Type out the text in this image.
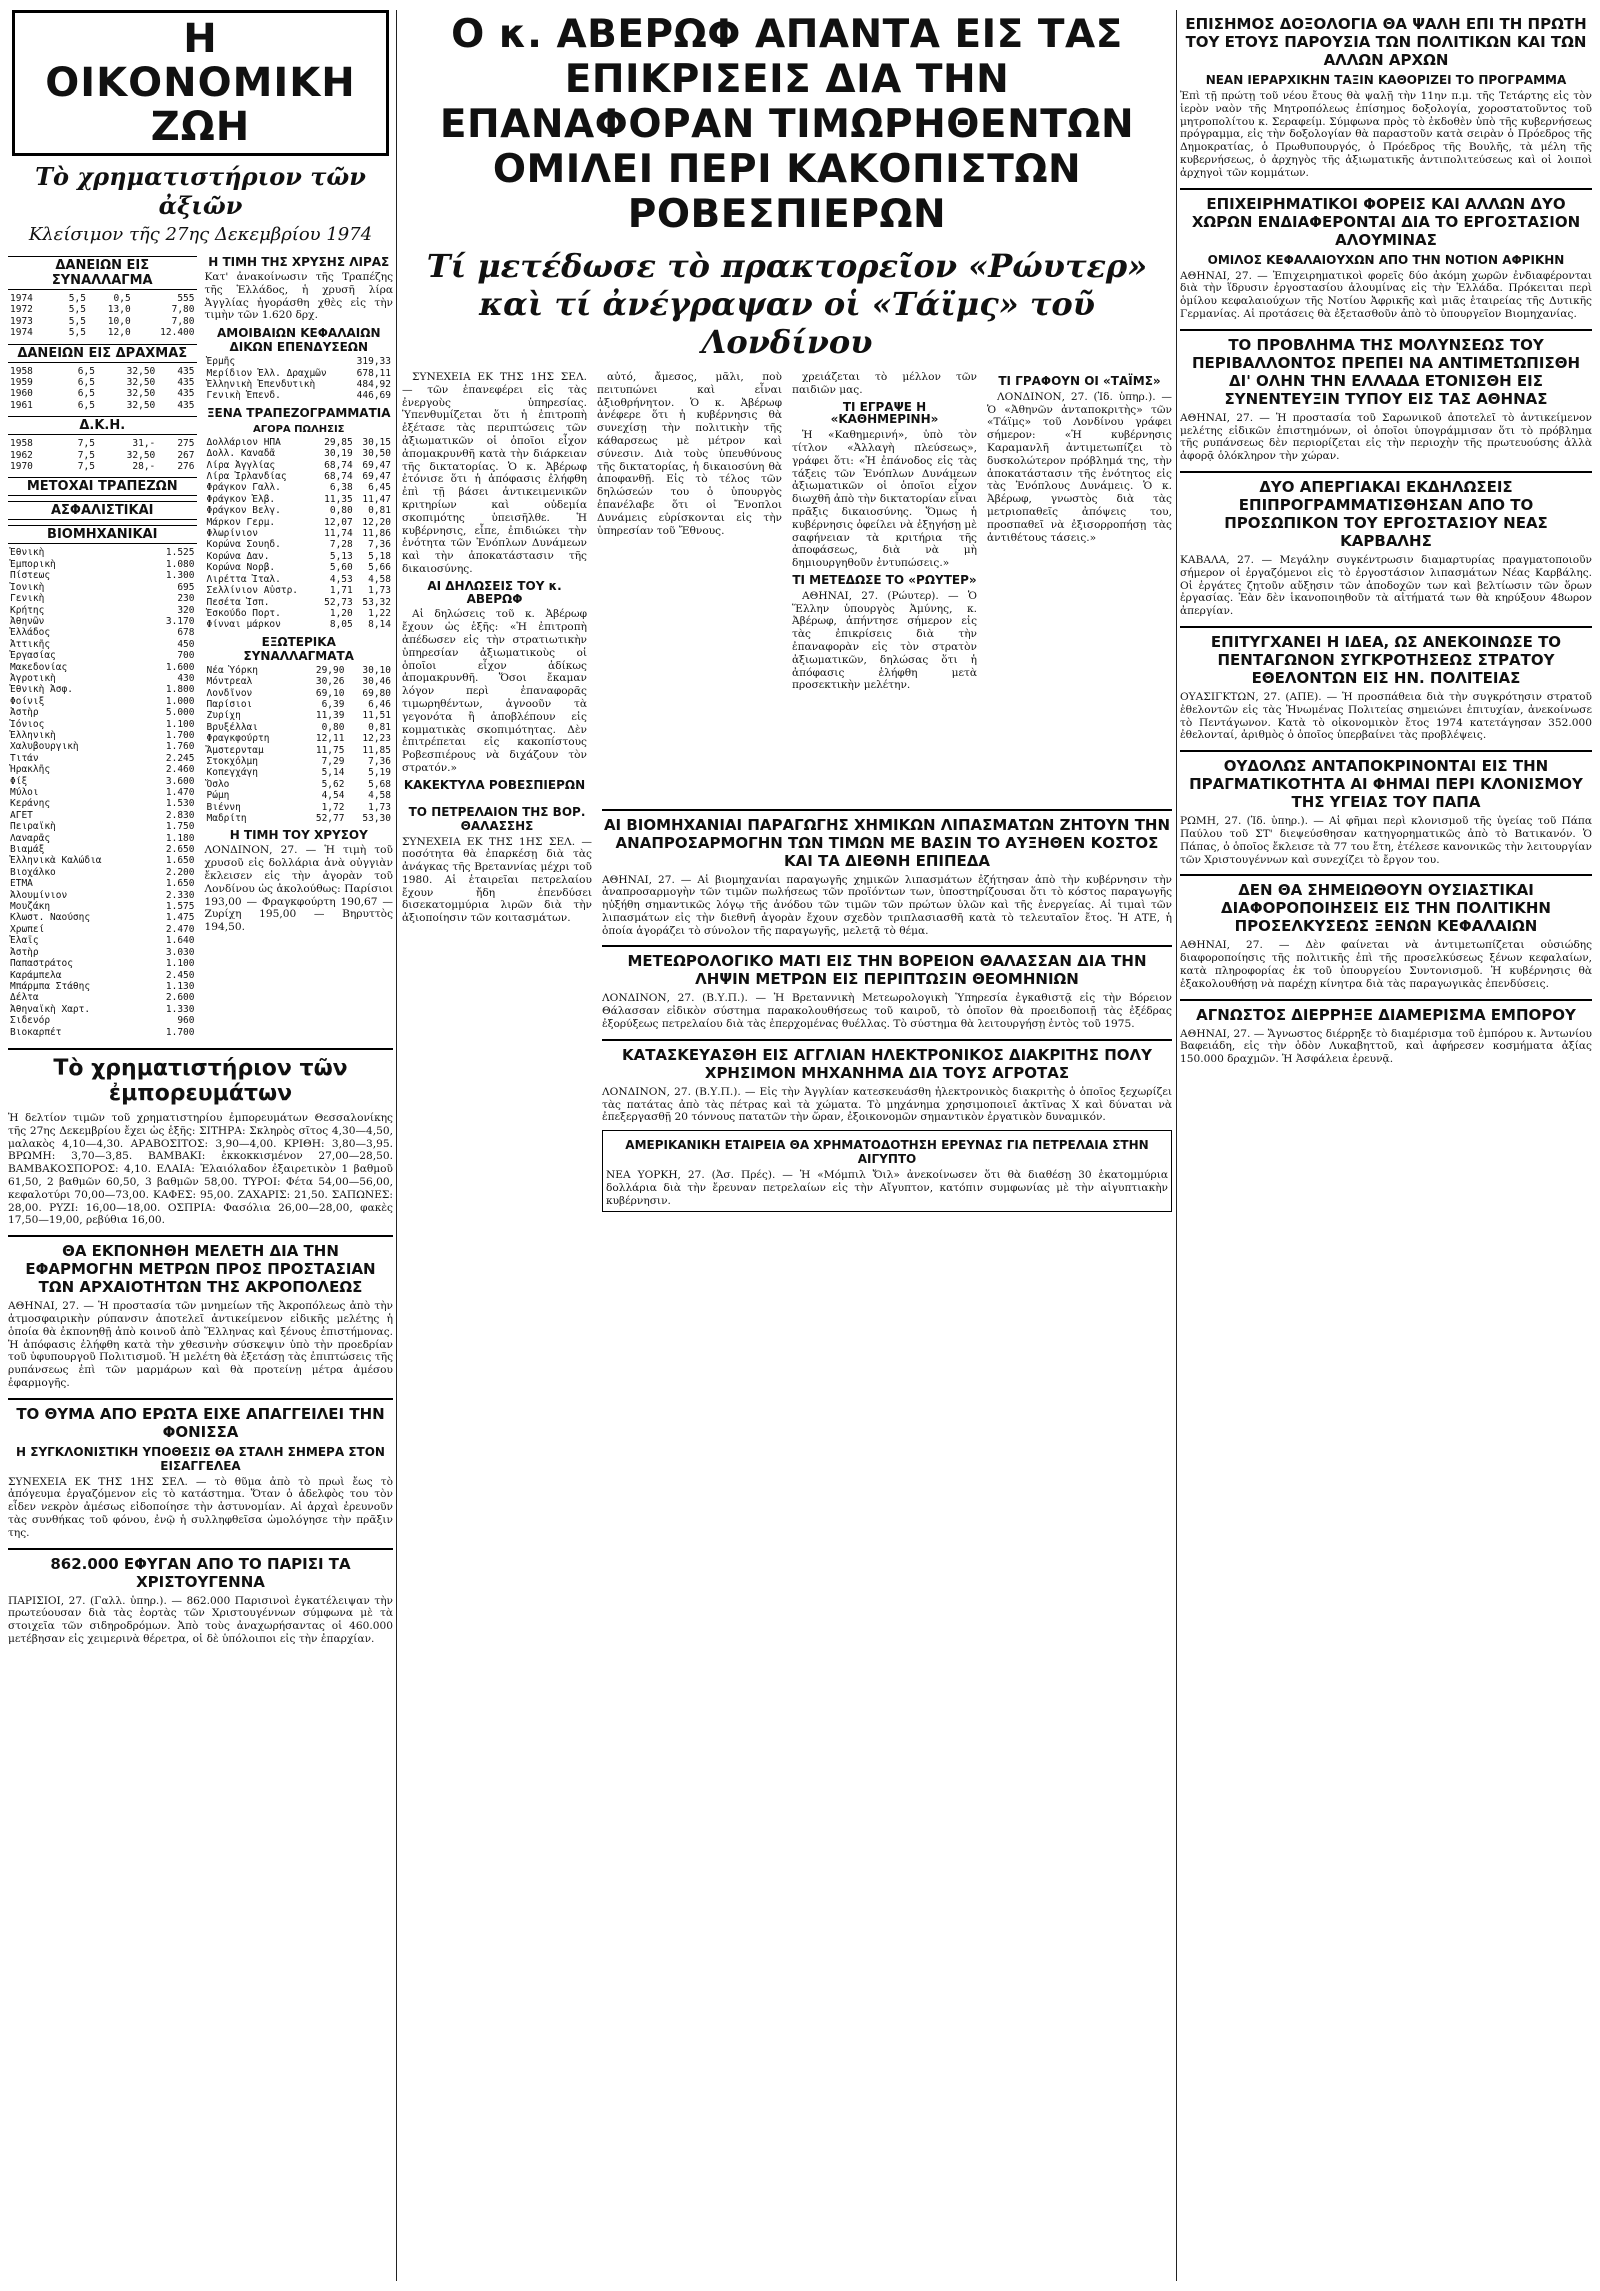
Η ΟΙΚΟΝΟΜΙΚΗ ΖΩΗ
Τὸ χρηματιστήριον τῶν ἀξιῶν
Κλείσιμον τῆς 27ης Δεκεμβρίου 1974
ΔΑΝΕΙΩΝ ΕΙΣ ΣΥΝΑΛΛΑΓΜΑ
1974	5,5	0,5	555
1972	5,5	13,0	7,80
1973	5,5	10,0	7,80
1974	5,5	12,0	12.400
ΔΑΝΕΙΩΝ ΕΙΣ ΔΡΑΧΜΑΣ
1958	6,5	32,50	435
1959	6,5	32,50	435
1960	6,5	32,50	435
1961	6,5	32,50	435
Δ.Κ.Η.
1958	7,5	31,-	275
1962	7,5	32,50	267
1970	7,5	28,-	276
ΜΕΤΟΧΑΙ ΤΡΑΠΕΖΩΝ
ΑΣΦΑΛΙΣΤΙΚΑΙ
ΒΙΟΜΗΧΑΝΙΚΑΙ
Ἐθνικὴ	1.525
Ἐμπορικὴ	1.080
Πίστεως	1.300
Ἰονικὴ	695
Γενικὴ	230
Κρήτης	320
Ἀθηνῶν	3.170
Ἑλλάδος	678
Ἀττικῆς	450
Ἐργασίας	700
Μακεδονίας	1.600
Ἀγροτικὴ	430
Ἐθνικὴ Ἀσφ.	1.800
Φοίνιξ	1.000
Ἀστὴρ	5.000
Ἰόνιος	1.100
Ἑλληνικὴ	1.700
Χαλυβουργικὴ	1.760
Τιτάν	2.245
Ἡρακλῆς	2.460
Φίξ	3.600
Μύλοι	1.470
Κεράνης	1.530
ΑΓΕΤ	2.830
Πειραϊκὴ	1.750
Λαναρᾶς	1.180
Βιαμάξ	2.650
Ἑλληνικὰ Καλώδια	1.650
Βιοχάλκο	2.200
ΕΤΜΑ	1.650
Ἀλουμίνιον	2.330
Μουζάκη	1.575
Κλωστ. Ναούσης	1.475
Χρωπεί	2.470
Ἐλαΐς	1.640
Ἀστὴρ	3.030
Παπαστράτος	1.100
Καράμπελα	2.450
Μπάρμπα Στάθης	1.130
Δέλτα	2.600
Ἀθηναϊκὴ Χαρτ.	1.330
Σιδενόρ	960
Βιοκαρπέτ	1.700
Η ΤΙΜΗ ΤΗΣ ΧΡΥΣΗΣ ΛΙΡΑΣ
Κατ' ἀνακοίνωσιν τῆς Τραπέζης τῆς Ἑλλάδος, ἡ χρυσῆ λίρα Ἀγγλίας ἠγοράσθη χθὲς εἰς τὴν τιμὴν τῶν 1.620 δρχ.
ΑΜΟΙΒΑΙΩΝ ΚΕΦΑΛΑΙΩΝ ΔΙΚΩΝ ΕΠΕΝΔΥΣΕΩΝ
Ἑρμῆς	319,33
Μερίδιον Ἑλλ. Δραχμῶν	678,11
Ἑλληνικὴ Ἐπενδυτικὴ	484,92
Γενικὴ Ἐπενδ.	446,69
ΞΕΝΑ ΤΡΑΠΕΖΟΓΡΑΜΜΑΤΙΑ
ΑΓΟΡΑ ΠΩΛΗΣΙΣ
Δολλάριον ΗΠΑ	29,85	30,15
Δολλ. Καναδᾶ	30,19	30,50
Λίρα Ἀγγλίας	68,74	69,47
Λίρα Ἰρλανδίας	68,74	69,47
Φράγκον Γαλλ.	6,38	6,45
Φράγκον Ἑλβ.	11,35	11,47
Φράγκον Βελγ.	0,80	0,81
Μάρκον Γερμ.	12,07	12,20
Φλωρίνιον	11,74	11,86
Κορώνα Σουηδ.	7,28	7,36
Κορώνα Δαν.	5,13	5,18
Κορώνα Νορβ.	5,60	5,66
Λιρέττα Ἰταλ.	4,53	4,58
Σελλίνιον Αὐστρ.	1,71	1,73
Πεσέτα Ἱσπ.	52,73	53,32
Ἐσκούδο Πορτ.	1,20	1,22
Φίνναι μάρκον	8,05	8,14
ΕΞΩΤΕΡΙΚΑ ΣΥΝΑΛΛΑΓΜΑΤΑ
Νέα Ὑόρκη	29,90	30,10
Μόντρεαλ	30,26	30,46
Λονδῖνον	69,10	69,80
Παρίσιοι	6,39	6,46
Ζυρίχη	11,39	11,51
Βρυξέλλαι	0,80	0,81
Φραγκφούρτη	12,11	12,23
Ἄμστερνταμ	11,75	11,85
Στοκχόλμη	7,29	7,36
Κοπεγχάγη	5,14	5,19
Ὄσλο	5,62	5,68
Ρώμη	4,54	4,58
Βιέννη	1,72	1,73
Μαδρίτη	52,77	53,30
Η ΤΙΜΗ ΤΟΥ ΧΡΥΣΟΥ
ΛΟΝΔΙΝΟΝ, 27. — Ἡ τιμὴ τοῦ χρυσοῦ εἰς δολλάρια ἀνὰ οὐγγιὰν ἔκλεισεν εἰς τὴν ἀγορὰν τοῦ Λονδίνου ὡς ἀκολούθως: Παρίσιοι 193,00 — Φραγκφούρτη 190,67 — Ζυρίχη 195,00 — Βηρυττὸς 194,50.
Τὸ χρηματιστήριον τῶν ἐμπορευμάτων
Ἡ δελτίον τιμῶν τοῦ χρηματιστηρίου ἐμπορευμάτων Θεσσαλονίκης τῆς 27ης Δεκεμβρίου ἔχει ὡς ἑξῆς: ΣΙΤΗΡΑ: Σκληρὸς σῖτος 4,30—4,50, μαλακὸς 4,10—4,30. ΑΡΑΒΟΣΙΤΟΣ: 3,90—4,00. ΚΡΙΘΗ: 3,80—3,95. ΒΡΩΜΗ: 3,70—3,85. ΒΑΜΒΑΚΙ: ἐκκοκκισμένον 27,00—28,50. ΒΑΜΒΑΚΟΣΠΟΡΟΣ: 4,10. ΕΛΑΙΑ: Ἐλαιόλαδον ἐξαιρετικὸν 1 βαθμοῦ 61,50, 2 βαθμῶν 60,50, 3 βαθμῶν 58,00. ΤΥΡΟΙ: Φέτα 54,00—56,00, κεφαλοτύρι 70,00—73,00. ΚΑΦΕΣ: 95,00. ΖΑΧΑΡΙΣ: 21,50. ΣΑΠΩΝΕΣ: 28,00. ΡΥΖΙ: 16,00—18,00. ΟΣΠΡΙΑ: Φασόλια 26,00—28,00, φακὲς 17,50—19,00, ρεβύθια 16,00.
ΘΑ ΕΚΠΟΝΗΘΗ ΜΕΛΕΤΗ ΔΙΑ ΤΗΝ ΕΦΑΡΜΟΓΗΝ ΜΕΤΡΩΝ ΠΡΟΣ ΠΡΟΣΤΑΣΙΑΝ ΤΩΝ ΑΡΧΑΙΟΤΗΤΩΝ ΤΗΣ ΑΚΡΟΠΟΛΕΩΣ
ΑΘΗΝΑΙ, 27. — Ἡ προστασία τῶν μνημείων τῆς Ἀκροπόλεως ἀπὸ τὴν ἀτμοσφαιρικὴν ρύπανσιν ἀποτελεῖ ἀντικείμενον εἰδικῆς μελέτης ἡ ὁποία θὰ ἐκπονηθῇ ἀπὸ κοινοῦ ἀπὸ Ἕλληνας καὶ ξένους ἐπιστήμονας. Ἡ ἀπόφασις ἐλήφθη κατὰ τὴν χθεσινὴν σύσκεψιν ὑπὸ τὴν προεδρίαν τοῦ ὑφυπουργοῦ Πολιτισμοῦ. Ἡ μελέτη θὰ ἐξετάσῃ τὰς ἐπιπτώσεις τῆς ρυπάνσεως ἐπὶ τῶν μαρμάρων καὶ θὰ προτείνῃ μέτρα ἀμέσου ἐφαρμογῆς.
ΤΟ ΘΥΜΑ ΑΠΟ ΕΡΩΤΑ ΕΙΧΕ ΑΠΑΓΓΕΙΛΕΙ ΤΗΝ ΦΟΝΙΣΣΑ
Η ΣΥΓΚΛΟΝΙΣΤΙΚΗ ΥΠΟΘΕΣΙΣ ΘΑ ΣΤΑΛΗ ΣΗΜΕΡΑ ΣΤΟΝ ΕΙΣΑΓΓΕΛΕΑ
ΣΥΝΕΧΕΙΑ ΕΚ ΤΗΣ 1ΗΣ ΣΕΛ. — τὸ θῦμα ἀπὸ τὸ πρωὶ ἔως τὸ ἀπόγευμα ἐργαζόμενον εἰς τὸ κατάστημα. Ὅταν ὁ ἀδελφὸς του τὸν εἶδεν νεκρὸν ἀμέσως εἰδοποίησε τὴν ἀστυνομίαν. Αἱ ἀρχαὶ ἐρευνοῦν τὰς συνθήκας τοῦ φόνου, ἐνῷ ἡ συλληφθεῖσα ὡμολόγησε τὴν πρᾶξιν της.
862.000 ΕΦΥΓΑΝ ΑΠΟ ΤΟ ΠΑΡΙΣΙ ΤΑ ΧΡΙΣΤΟΥΓΕΝΝΑ
ΠΑΡΙΣΙΟΙ, 27. (Γαλλ. ὑπηρ.). — 862.000 Παρισινοὶ ἐγκατέλειψαν τὴν πρωτεύουσαν διὰ τὰς ἑορτὰς τῶν Χριστουγέννων σύμφωνα μὲ τὰ στοιχεῖα τῶν σιδηροδρόμων. Ἀπὸ τοὺς ἀναχωρήσαντας οἱ 460.000 μετέβησαν εἰς χειμερινὰ θέρετρα, οἱ δὲ ὑπόλοιποι εἰς τὴν ἐπαρχίαν.
Ο κ. ΑΒΕΡΩΦ ΑΠΑΝΤΑ ΕΙΣ ΤΑΣ ΕΠΙΚΡΙΣΕΙΣ ΔΙΑ ΤΗΝ ΕΠΑΝΑΦΟΡΑΝ ΤΙΜΩΡΗΘΕΝΤΩΝ ΟΜΙΛΕΙ ΠΕΡΙ ΚΑΚΟΠΙΣΤΩΝ ΡΟΒΕΣΠΙΕΡΩΝ
Τί μετέδωσε τὸ πρακτορεῖον «Ρώυτερ» καὶ τί ἀνέγραψαν οἱ «Τάϊμς» τοῦ Λονδίνου

ΣΥΝΕΧΕΙΑ ΕΚ ΤΗΣ 1ΗΣ ΣΕΛ. — τῶν ἐπανεφέρει εἰς τὰς ἐνεργοὺς ὑπηρεσίας. Ὑπενθυμίζεται ὅτι ἡ ἐπιτροπὴ ἐξέτασε τὰς περιπτώσεις τῶν ἀξιωματικῶν οἱ ὁποῖοι εἶχον ἀπομακρυνθῆ κατὰ τὴν διάρκειαν τῆς δικτατορίας. Ὁ κ. Ἀβέρωφ ἐτόνισε ὅτι ἡ ἀπόφασις ἐλήφθη ἐπὶ τῇ βάσει ἀντικειμενικῶν κριτηρίων καὶ οὐδεμία σκοπιμότης ὑπεισῆλθε. Ἡ κυβέρνησις, εἶπε, ἐπιδιώκει τὴν ἑνότητα τῶν Ἐνόπλων Δυνάμεων καὶ τὴν ἀποκατάστασιν τῆς δικαιοσύνης.

ΑΙ ΔΗΛΩΣΕΙΣ ΤΟΥ κ. ΑΒΕΡΩΦ

Αἱ δηλώσεις τοῦ κ. Ἀβέρωφ ἔχουν ὡς ἑξῆς: «Ἡ ἐπιτροπὴ ἀπέδωσεν εἰς τὴν στρατιωτικὴν ὑπηρεσίαν ἀξιωματικοὺς οἱ ὁποῖοι εἶχον ἀδίκως ἀπομακρυνθῆ. Ὅσοι ἔκαμαν λόγον περὶ ἐπαναφορᾶς τιμωρηθέντων, ἀγνοοῦν τὰ γεγονότα ἢ ἀποβλέπουν εἰς κομματικὰς σκοπιμότητας. Δὲν ἐπιτρέπεται εἰς κακοπίστους Ροβεσπιέρους νὰ διχάζουν τὸν στρατόν.»

ΚΑΚΕΚΤΥΛΑ ΡΟΒΕΣΠΙΕΡΩΝ

αὐτό, ἄμεσος, μᾶλι, ποὺ πειτυπώνει καὶ εἶναι ἀξιοθρήνητον. Ὁ κ. Ἀβέρωφ ἀνέφερε ὅτι ἡ κυβέρνησις θὰ συνεχίσῃ τὴν πολιτικὴν τῆς κάθαρσεως μὲ μέτρον καὶ σύνεσιν. Διὰ τοὺς ὑπευθύνους τῆς δικτατορίας, ἡ δικαιοσύνη θὰ ἀποφανθῇ. Εἰς τὸ τέλος τῶν δηλώσεών του ὁ ὑπουργὸς ἐπανέλαβε ὅτι οἱ Ἔνοπλοι Δυνάμεις εὑρίσκονται εἰς τὴν ὑπηρεσίαν τοῦ Ἔθνους.

χρειάζεται τὸ μέλλον τῶν παιδιῶν μας.

ΤΙ ΕΓΡΑΨΕ Η «ΚΑΘΗΜΕΡΙΝΗ»

Ἡ «Καθημερινή», ὑπὸ τὸν τίτλον «Ἀλλαγὴ πλεύσεως», γράφει ὅτι: «Ἡ ἐπάνοδος εἰς τὰς τάξεις τῶν Ἐνόπλων Δυνάμεων ἀξιωματικῶν οἱ ὁποῖοι εἶχον διωχθῆ ἀπὸ τὴν δικτατορίαν εἶναι πρᾶξις δικαιοσύνης. Ὅμως ἡ κυβέρνησις ὀφείλει νὰ ἐξηγήσῃ μὲ σαφήνειαν τὰ κριτήρια τῆς ἀποφάσεως, διὰ νὰ μὴ δημιουργηθοῦν ἐντυπώσεις.»

ΤΙ ΜΕΤΕΔΩΣΕ ΤΟ «ΡΩΥΤΕΡ»

ΑΘΗΝΑΙ, 27. (Ρώυτερ). — Ὁ Ἕλλην ὑπουργὸς Ἀμύνης, κ. Ἀβέρωφ, ἀπήντησε σήμερον εἰς τὰς ἐπικρίσεις διὰ τὴν ἐπαναφορὰν εἰς τὸν στρατὸν ἀξιωματικῶν, δηλώσας ὅτι ἡ ἀπόφασις ἐλήφθη μετὰ προσεκτικὴν μελέτην.

ΤΙ ΓΡΑΦΟΥΝ ΟΙ «ΤΑΪΜΣ»

ΛΟΝΔΙΝΟΝ, 27. (Ἰδ. ὑπηρ.). — Ὁ «Ἀθηνῶν ἀνταποκριτὴς» τῶν «Τάϊμς» τοῦ Λονδίνου γράφει σήμερον: «Ἡ κυβέρνησις Καραμανλῆ ἀντιμετωπίζει τὸ δυσκολώτερον πρόβλημά της, τὴν ἀποκατάστασιν τῆς ἑνότητος εἰς τὰς Ἐνόπλους Δυνάμεις. Ὁ κ. Ἀβέρωφ, γνωστὸς διὰ τὰς μετριοπαθεῖς ἀπόψεις του, προσπαθεῖ νὰ ἐξισορροπήσῃ τὰς ἀντιθέτους τάσεις.»

ΤΟ ΠΕΤΡΕΛΑΙΟΝ ΤΗΣ ΒΟΡ. ΘΑΛΑΣΣΗΣ
ΣΥΝΕΧΕΙΑ ΕΚ ΤΗΣ 1ΗΣ ΣΕΛ. — ποσότητα θὰ ἐπαρκέσῃ διὰ τὰς ἀνάγκας τῆς Βρεταννίας μέχρι τοῦ 1980. Αἱ ἑταιρεῖαι πετρελαίου ἔχουν ἤδη ἐπενδύσει δισεκατομμύρια λιρῶν διὰ τὴν ἀξιοποίησιν τῶν κοιτασμάτων.
ΑΙ ΒΙΟΜΗΧΑΝΙΑΙ ΠΑΡΑΓΩΓΗΣ ΧΗΜΙΚΩΝ ΛΙΠΑΣΜΑΤΩΝ ΖΗΤΟΥΝ ΤΗΝ ΑΝΑΠΡΟΣΑΡΜΟΓΗΝ ΤΩΝ ΤΙΜΩΝ ΜΕ ΒΑΣΙΝ ΤΟ ΑΥΞΗΘΕΝ ΚΟΣΤΟΣ ΚΑΙ ΤΑ ΔΙΕΘΝΗ ΕΠΙΠΕΔΑ
ΑΘΗΝΑΙ, 27. — Αἱ βιομηχανίαι παραγωγῆς χημικῶν λιπασμάτων ἐζήτησαν ἀπὸ τὴν κυβέρνησιν τὴν ἀναπροσαρμογὴν τῶν τιμῶν πωλήσεως τῶν προϊόντων των, ὑποστηρίζουσαι ὅτι τὸ κόστος παραγωγῆς ηὐξήθη σημαντικῶς λόγῳ τῆς ἀνόδου τῶν τιμῶν τῶν πρώτων ὑλῶν καὶ τῆς ἐνεργείας. Αἱ τιμαὶ τῶν λιπασμάτων εἰς τὴν διεθνῆ ἀγορὰν ἔχουν σχεδὸν τριπλασιασθῆ κατὰ τὸ τελευταῖον ἔτος. Ἡ ΑΤΕ, ἡ ὁποία ἀγοράζει τὸ σύνολον τῆς παραγωγῆς, μελετᾷ τὸ θέμα.
ΜΕΤΕΩΡΟΛΟΓΙΚΟ ΜΑΤΙ ΕΙΣ ΤΗΝ ΒΟΡΕΙΟΝ ΘΑΛΑΣΣΑΝ ΔΙΑ ΤΗΝ ΛΗΨΙΝ ΜΕΤΡΩΝ ΕΙΣ ΠΕΡΙΠΤΩΣΙΝ ΘΕΟΜΗΝΙΩΝ
ΛΟΝΔΙΝΟΝ, 27. (Β.Υ.Π.). — Ἡ Βρεταννικὴ Μετεωρολογικὴ Ὑπηρεσία ἐγκαθιστᾷ εἰς τὴν Βόρειον Θάλασσαν εἰδικὸν σύστημα παρακολουθήσεως τοῦ καιροῦ, τὸ ὁποῖον θὰ προειδοποιῇ τὰς ἐξέδρας ἐξορύξεως πετρελαίου διὰ τὰς ἐπερχομένας θυέλλας. Τὸ σύστημα θὰ λειτουργήσῃ ἐντὸς τοῦ 1975.
ΚΑΤΑΣΚΕΥΑΣΘΗ ΕΙΣ ΑΓΓΛΙΑΝ ΗΛΕΚΤΡΟΝΙΚΟΣ ΔΙΑΚΡΙΤΗΣ ΠΟΛΥ ΧΡΗΣΙΜΟΝ ΜΗΧΑΝΗΜΑ ΔΙΑ ΤΟΥΣ ΑΓΡΟΤΑΣ
ΛΟΝΔΙΝΟΝ, 27. (Β.Υ.Π.). — Εἰς τὴν Ἀγγλίαν κατεσκευάσθη ἠλεκτρονικὸς διακριτὴς ὁ ὁποῖος ξεχωρίζει τὰς πατάτας ἀπὸ τὰς πέτρας καὶ τὰ χώματα. Τὸ μηχάνημα χρησιμοποιεῖ ἀκτῖνας Χ καὶ δύναται νὰ ἐπεξεργασθῇ 20 τόννους πατατῶν τὴν ὥραν, ἐξοικονομῶν σημαντικὸν ἐργατικὸν δυναμικόν.
ΑΜΕΡΙΚΑΝΙΚΗ ΕΤΑΙΡΕΙΑ ΘΑ ΧΡΗΜΑΤΟΔΟΤΗΣΗ ΕΡΕΥΝΑΣ ΓΙΑ ΠΕΤΡΕΛΑΙΑ ΣΤΗΝ ΑΙΓΥΠΤΟ
ΝΕΑ ΥΟΡΚΗ, 27. (Ἀσ. Πρές). — Ἡ «Μόμπιλ Ὄιλ» ἀνεκοίνωσεν ὅτι θὰ διαθέσῃ 30 ἑκατομμύρια δολλάρια διὰ τὴν ἔρευναν πετρελαίων εἰς τὴν Αἴγυπτον, κατόπιν συμφωνίας μὲ τὴν αἰγυπτιακὴν κυβέρνησιν.
ΕΠΙΣΗΜΟΣ ΔΟΞΟΛΟΓΙΑ ΘΑ ΨΑΛΗ ΕΠΙ ΤΗ ΠΡΩΤΗ ΤΟΥ ΕΤΟΥΣ ΠΑΡΟΥΣΙΑ ΤΩΝ ΠΟΛΙΤΙΚΩΝ ΚΑΙ ΤΩΝ ΑΛΛΩΝ ΑΡΧΩΝ
ΝΕΑΝ ΙΕΡΑΡΧΙΚΗΝ ΤΑΞΙΝ ΚΑΘΟΡΙΖΕΙ ΤΟ ΠΡΟΓΡΑΜΜΑ
Ἐπὶ τῇ πρώτῃ τοῦ νέου ἔτους θὰ ψαλῇ τὴν 11ην π.μ. τῆς Τετάρτης εἰς τὸν ἱερὸν ναὸν τῆς Μητροπόλεως ἐπίσημος δοξολογία, χοροστατοῦντος τοῦ μητροπολίτου κ. Σεραφείμ. Σύμφωνα πρὸς τὸ ἐκδοθὲν ὑπὸ τῆς κυβερνήσεως πρόγραμμα, εἰς τὴν δοξολογίαν θὰ παραστοῦν κατὰ σειρὰν ὁ Πρόεδρος τῆς Δημοκρατίας, ὁ Πρωθυπουργός, ὁ Πρόεδρος τῆς Βουλῆς, τὰ μέλη τῆς κυβερνήσεως, ὁ ἀρχηγὸς τῆς ἀξιωματικῆς ἀντιπολιτεύσεως καὶ οἱ λοιποὶ ἀρχηγοὶ τῶν κομμάτων.
ΕΠΙΧΕΙΡΗΜΑΤΙΚΟΙ ΦΟΡΕΙΣ ΚΑΙ ΑΛΛΩΝ ΔΥΟ ΧΩΡΩΝ ΕΝΔΙΑΦΕΡΟΝΤΑΙ ΔΙΑ ΤΟ ΕΡΓΟΣΤΑΣΙΟΝ ΑΛΟΥΜΙΝΑΣ
ΟΜΙΛΟΣ ΚΕΦΑΛΑΙΟΥΧΩΝ ΑΠΟ ΤΗΝ ΝΟΤΙΟΝ ΑΦΡΙΚΗΝ
ΑΘΗΝΑΙ, 27. — Ἐπιχειρηματικοὶ φορεῖς δύο ἀκόμη χωρῶν ἐνδιαφέρονται διὰ τὴν ἵδρυσιν ἐργοστασίου ἀλουμίνας εἰς τὴν Ἑλλάδα. Πρόκειται περὶ ὁμίλου κεφαλαιούχων τῆς Νοτίου Ἀφρικῆς καὶ μιᾶς ἑταιρείας τῆς Δυτικῆς Γερμανίας. Αἱ προτάσεις θὰ ἐξετασθοῦν ἀπὸ τὸ ὑπουργεῖον Βιομηχανίας.
ΤΟ ΠΡΟΒΛΗΜΑ ΤΗΣ ΜΟΛΥΝΣΕΩΣ ΤΟΥ ΠΕΡΙΒΑΛΛΟΝΤΟΣ ΠΡΕΠΕΙ ΝΑ ΑΝΤΙΜΕΤΩΠΙΣΘΗ ΔΙ' ΟΛΗΝ ΤΗΝ ΕΛΛΑΔΑ ΕΤΟΝΙΣΘΗ ΕΙΣ ΣΥΝΕΝΤΕΥΞΙΝ ΤΥΠΟΥ ΕΙΣ ΤΑΣ ΑΘΗΝΑΣ
ΑΘΗΝΑΙ, 27. — Ἡ προστασία τοῦ Σαρωνικοῦ ἀποτελεῖ τὸ ἀντικείμενον μελέτης εἰδικῶν ἐπιστημόνων, οἱ ὁποῖοι ὑπογράμμισαν ὅτι τὸ πρόβλημα τῆς ρυπάνσεως δὲν περιορίζεται εἰς τὴν περιοχὴν τῆς πρωτευούσης ἀλλὰ ἀφορᾷ ὁλόκληρον τὴν χώραν.
ΔΥΟ ΑΠΕΡΓΙΑΚΑΙ ΕΚΔΗΛΩΣΕΙΣ ΕΠΙΠΡΟΓΡΑΜΜΑΤΙΣΘΗΣΑΝ ΑΠΟ ΤΟ ΠΡΟΣΩΠΙΚΟΝ ΤΟΥ ΕΡΓΟΣΤΑΣΙΟΥ ΝΕΑΣ ΚΑΡΒΑΛΗΣ
ΚΑΒΑΛΑ, 27. — Μεγάλην συγκέντρωσιν διαμαρτυρίας πραγματοποιοῦν σήμερον οἱ ἐργαζόμενοι εἰς τὸ ἐργοστάσιον λιπασμάτων Νέας Καρβάλης. Οἱ ἐργάτες ζητοῦν αὔξησιν τῶν ἀποδοχῶν των καὶ βελτίωσιν τῶν ὅρων ἐργασίας. Ἐὰν δὲν ἱκανοποιηθοῦν τὰ αἰτήματά των θὰ κηρύξουν 48ωρον ἀπεργίαν.
ΕΠΙΤΥΓΧΑΝΕΙ Η ΙΔΕΑ, ΩΣ ΑΝΕΚΟΙΝΩΣΕ ΤΟ ΠΕΝΤΑΓΩΝΟΝ ΣΥΓΚΡΟΤΗΣΕΩΣ ΣΤΡΑΤΟΥ ΕΘΕΛΟΝΤΩΝ ΕΙΣ ΗΝ. ΠΟΛΙΤΕΙΑΣ
ΟΥΑΣΙΓΚΤΩΝ, 27. (ΑΠΕ). — Ἡ προσπάθεια διὰ τὴν συγκρότησιν στρατοῦ ἐθελοντῶν εἰς τὰς Ἡνωμένας Πολιτείας σημειώνει ἐπιτυχίαν, ἀνεκοίνωσε τὸ Πεντάγωνον. Κατὰ τὸ οἰκονομικὸν ἔτος 1974 κατετάγησαν 352.000 ἐθελονταί, ἀριθμὸς ὁ ὁποῖος ὑπερβαίνει τὰς προβλέψεις.
ΟΥΔΟΛΩΣ ΑΝΤΑΠΟΚΡΙΝΟΝΤΑΙ ΕΙΣ ΤΗΝ ΠΡΑΓΜΑΤΙΚΟΤΗΤΑ ΑΙ ΦΗΜΑΙ ΠΕΡΙ ΚΛΟΝΙΣΜΟΥ ΤΗΣ ΥΓΕΙΑΣ ΤΟΥ ΠΑΠΑ
ΡΩΜΗ, 27. (Ἰδ. ὑπηρ.). — Αἱ φῆμαι περὶ κλονισμοῦ τῆς ὑγείας τοῦ Πάπα Παύλου τοῦ ΣΤ' διεψεύσθησαν κατηγορηματικῶς ἀπὸ τὸ Βατικανόν. Ὁ Πάπας, ὁ ὁποῖος ἔκλεισε τὰ 77 του ἔτη, ἐτέλεσε κανονικῶς τὴν λειτουργίαν τῶν Χριστουγέννων καὶ συνεχίζει τὸ ἔργον του.
ΔΕΝ ΘΑ ΣΗΜΕΙΩΘΟΥΝ ΟΥΣΙΑΣΤΙΚΑΙ ΔΙΑΦΟΡΟΠΟΙΗΣΕΙΣ ΕΙΣ ΤΗΝ ΠΟΛΙΤΙΚΗΝ ΠΡΟΣΕΛΚΥΣΕΩΣ ΞΕΝΩΝ ΚΕΦΑΛΑΙΩΝ
ΑΘΗΝΑΙ, 27. — Δὲν φαίνεται νὰ ἀντιμετωπίζεται οὐσιώδης διαφοροποίησις τῆς πολιτικῆς ἐπὶ τῆς προσελκύσεως ξένων κεφαλαίων, κατὰ πληροφορίας ἐκ τοῦ ὑπουργείου Συντονισμοῦ. Ἡ κυβέρνησις θὰ ἐξακολουθήσῃ νὰ παρέχῃ κίνητρα διὰ τὰς παραγωγικὰς ἐπενδύσεις.
ΑΓΝΩΣΤΟΣ ΔΙΕΡΡΗΞΕ ΔΙΑΜΕΡΙΣΜΑ ΕΜΠΟΡΟΥ
ΑΘΗΝΑΙ, 27. — Ἄγνωστος διέρρηξε τὸ διαμέρισμα τοῦ ἐμπόρου κ. Ἀντωνίου Βαφειάδη, εἰς τὴν ὁδὸν Λυκαβηττοῦ, καὶ ἀφήρεσεν κοσμήματα ἀξίας 150.000 δραχμῶν. Ἡ Ἀσφάλεια ἐρευνᾷ.
